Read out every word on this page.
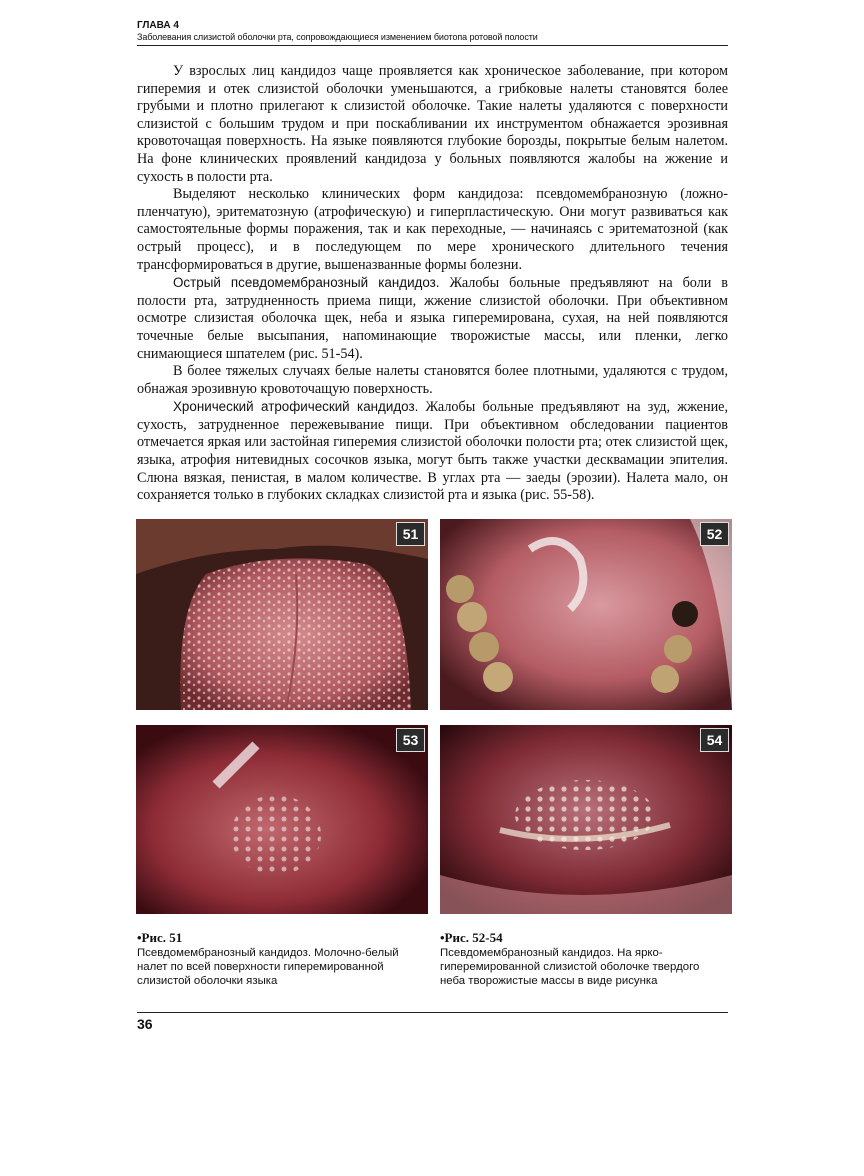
ГЛАВА 4
Заболевания слизистой оболочки рта, сопровождающиеся изменением биотопа ротовой полости

У взрослых лиц кандидоз чаще проявляется как хроническое заболевание, при котором гиперемия и отек слизистой оболочки уменьшаются, а грибковые налеты становятся более грубыми и плотно прилегают к слизистой оболочке. Такие налеты удаляются с поверхности слизистой с большим трудом и при поскабливании их инструментом обнажается эрозивная кровоточащая поверхность. На языке появляются глубокие борозды, покрытые белым налетом. На фоне клинических проявлений кандидоза у больных появляются жалобы на жжение и сухость в полости рта.

Выделяют несколько клинических форм кандидоза: псевдомембранозную (ложно-пленчатую), эритематозную (атрофическую) и гиперпластическую. Они могут развиваться как самостоятельные формы поражения, так и как переходные, — начинаясь с эритематозной (как острый процесс), и в последующем по мере хронического длительного течения трансформироваться в другие, вышеназванные формы болезни.

Острый псевдомембранозный кандидоз. Жалобы больные предъявляют на боли в полости рта, затрудненность приема пищи, жжение слизистой оболочки. При объективном осмотре слизистая оболочка щек, неба и языка гиперемирована, сухая, на ней появляются точечные белые высыпания, напоминающие творожистые массы, или пленки, легко снимающиеся шпателем (рис. 51-54).

В более тяжелых случаях белые налеты становятся более плотными, удаляются с трудом, обнажая эрозивную кровоточащую поверхность.

Хронический атрофический кандидоз. Жалобы больные предъявляют на зуд, жжение, сухость, затрудненное пережевывание пищи. При объективном обследовании пациентов отмечается яркая или застойная гиперемия слизистой оболочки полости рта; отек слизистой щек, языка, атрофия нитевидных сосочков языка, могут быть также участки десквамации эпителия. Слюна вязкая, пенистая, в малом количестве. В углах рта — заеды (эрозии). Налета мало, он сохраняется только в глубоких складках слизистой рта и языка (рис. 55-58).

51	52
53	54
•Рис. 51
Псевдомембранозный кандидоз. Молочно-белый налет по всей поверхности гиперемированной слизистой оболочки языка
•Рис. 52-54
Псевдомембранозный кандидоз. На ярко-гиперемированной слизистой оболочке твердого неба творожистые массы в виде рисунка
36
